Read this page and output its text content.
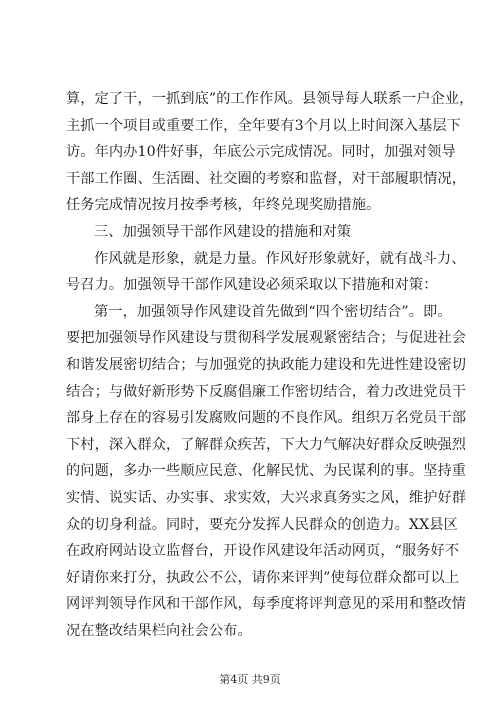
算，定了干，一抓到底”的工作作风。县领导每人联系一户企业，
主抓一个项目或重要工作，全年要有3个月以上时间深入基层下
访。年内办10件好事，年底公示完成情况。同时，加强对领导
干部工作圈、生活圈、社交圈的考察和监督，对干部履职情况，
任务完成情况按月按季考核，年终兑现奖励措施。
三、加强领导干部作风建设的措施和对策
作风就是形象，就是力量。作风好形象就好，就有战斗力、
号召力。加强领导干部作风建设必须采取以下措施和对策：
第一，加强领导作风建设首先做到“四个密切结合”。即。
要把加强领导作风建设与贯彻科学发展观紧密结合；与促进社会
和谐发展密切结合；与加强党的执政能力建设和先进性建设密切
结合；与做好新形势下反腐倡廉工作密切结合，着力改进党员干
部身上存在的容易引发腐败问题的不良作风。组织万名党员干部
下村，深入群众，了解群众疾苦，下大力气解决好群众反映强烈
的问题，多办一些顺应民意、化解民忧、为民谋利的事。坚持重
实情、说实话、办实事、求实效，大兴求真务实之风，维护好群
众的切身利益。同时，要充分发挥人民群众的创造力。XX县区
在政府网站设立监督台，开设作风建设年活动网页，“服务好不
好请你来打分，执政公不公，请你来评判”使每位群众都可以上
网评判领导作风和干部作风，每季度将评判意见的采用和整改情
况在整改结果栏向社会公布。
第4页 共9页
